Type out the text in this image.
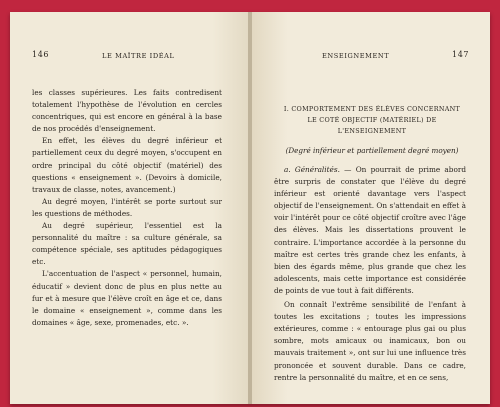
146	LE MAÎTRE IDÉAL

les classes supérieures. Les faits contredisent totalement l'hypothèse de l'évolution en cercles concentriques, qui est encore en général à la base de nos procédés d'enseignement.

En effet, les élèves du degré inférieur et partiellement ceux du degré moyen, s'occupent en ordre principal du côté objectif (matériel) des questions « enseignement ». (Devoirs à domicile, travaux de classe, notes, avancement.)

Au degré moyen, l'intérêt se porte surtout sur les questions de méthodes.

Au degré supérieur, l'essentiel est la personnalité du maître : sa culture générale, sa compétence spéciale, ses aptitudes pédagogiques etc.

L'accentuation de l'aspect « personnel, humain, éducatif » devient donc de plus en plus nette au fur et à mesure que l'élève croît en âge et ce, dans le domaine « enseignement », comme dans les domaines « âge, sexe, promenades, etc. ».

ENSEIGNEMENT	147
I. COMPORTEMENT DES ÉLÈVES CONCERNANT LE COTÉ OBJECTIF (MATÉRIEL) DE L'ENSEIGNEMENT
(Degré inférieur et partiellement degré moyen)

a. Généralités. — On pourrait de prime abord être surpris de constater que l'élève du degré inférieur est orienté davantage vers l'aspect objectif de l'enseignement. On s'attendait en effet à voir l'intérêt pour ce côté objectif croître avec l'âge des élèves. Mais les dissertations prouvent le contraire. L'importance accordée à la personne du maître est certes très grande chez les enfants, à bien des égards même, plus grande que chez les adolescents, mais cette importance est considérée de points de vue tout à fait différents.

On connaît l'extrême sensibilité de l'enfant à toutes les excitations ; toutes les impressions extérieures, comme : « entourage plus gai ou plus sombre, mots amicaux ou inamicaux, bon ou mauvais traitement », ont sur lui une influence très prononcée et souvent durable. Dans ce cadre, rentre la personnalité du maître, et en ce sens,
